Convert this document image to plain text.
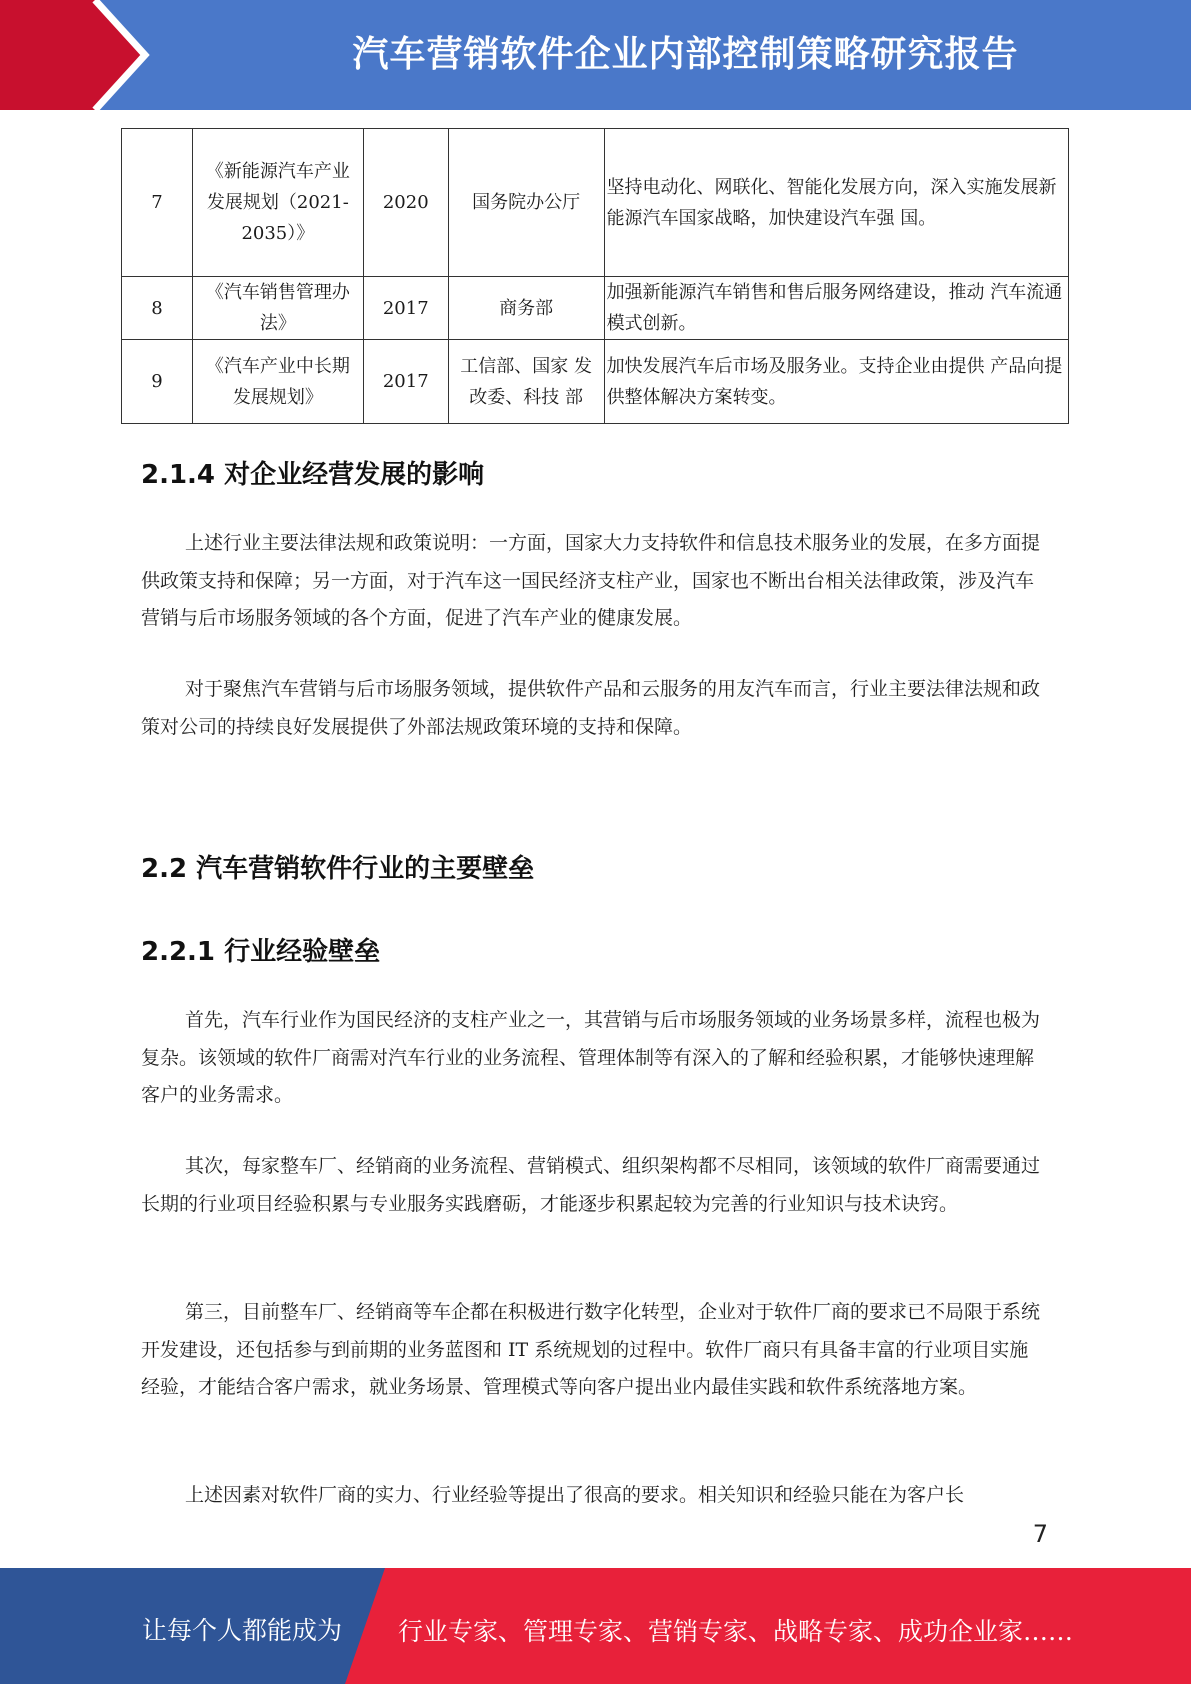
汽车营销软件企业内部控制策略研究报告
7	《新能源汽车产业发展规划（2021-2035）》	2020	国务院办公厅	坚持电动化、网联化、智能化发展方向，深入实施发展新能源汽车国家战略，加快建设汽车强 国。
8	《汽车销售管理办法》	2017	商务部	加强新能源汽车销售和售后服务网络建设，推动 汽车流通模式创新。
9	《汽车产业中长期发展规划》	2017	工信部、国家 发改委、科技 部	加快发展汽车后市场及服务业。支持企业由提供 产品向提供整体解决方案转变。
2.1.4 对企业经营发展的影响

上述行业主要法律法规和政策说明：一方面，国家大力支持软件和信息技术服务业的发展，在多方面提供政策支持和保障；另一方面，对于汽车这一国民经济支柱产业，国家也不断出台相关法律政策，涉及汽车营销与后市场服务领域的各个方面，促进了汽车产业的健康发展。

对于聚焦汽车营销与后市场服务领域，提供软件产品和云服务的用友汽车而言，行业主要法律法规和政策对公司的持续良好发展提供了外部法规政策环境的支持和保障。

2.2 汽车营销软件行业的主要壁垒
2.2.1 行业经验壁垒

首先，汽车行业作为国民经济的支柱产业之一，其营销与后市场服务领域的业务场景多样，流程也极为复杂。该领域的软件厂商需对汽车行业的业务流程、管理体制等有深入的了解和经验积累，才能够快速理解客户的业务需求。

其次，每家整车厂、经销商的业务流程、营销模式、组织架构都不尽相同，该领域的软件厂商需要通过长期的行业项目经验积累与专业服务实践磨砺，才能逐步积累起较为完善的行业知识与技术诀窍。

第三，目前整车厂、经销商等车企都在积极进行数字化转型，企业对于软件厂商的要求已不局限于系统开发建设，还包括参与到前期的业务蓝图和 IT 系统规划的过程中。软件厂商只有具备丰富的行业项目实施经验，才能结合客户需求，就业务场景、管理模式等向客户提出业内最佳实践和软件系统落地方案。

上述因素对软件厂商的实力、行业经验等提出了很高的要求。相关知识和经验只能在为客户长

7
让每个人都能成为 行业专家、管理专家、营销专家、战略专家、成功企业家……
